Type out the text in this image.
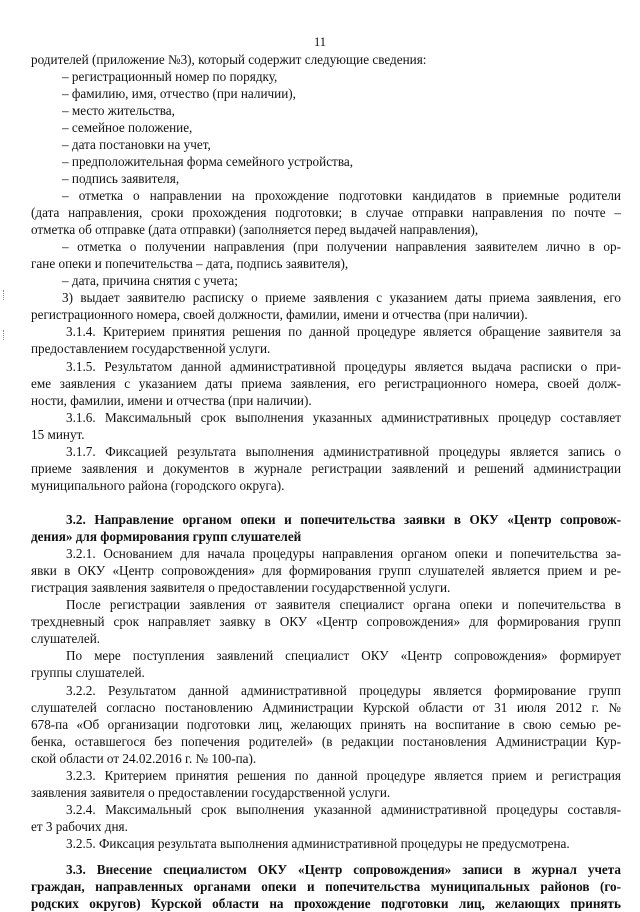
11
родителей (приложение №3), который содержит следующие сведения:
– регистрационный номер по порядку,
– фамилию, имя, отчество (при наличии),
– место жительства,
– семейное положение,
– дата постановки на учет,
– предположительная форма семейного устройства,
– подпись заявителя,
– отметка о направлении на прохождение подготовки кандидатов в приемные родители
(дата направления, сроки прохождения подготовки; в случае отправки направления по почте –
отметка об отправке (дата отправки) (заполняется перед выдачей направления),
– отметка о получении направления (при получении направления заявителем лично в ор-
гане опеки и попечительства – дата, подпись заявителя),
– дата, причина снятия с учета;
3) выдает заявителю расписку о приеме заявления с указанием даты приема заявления, его
регистрационного номера, своей должности, фамилии, имени и отчества (при наличии).
3.1.4. Критерием принятия решения по данной процедуре является обращение заявителя за
предоставлением государственной услуги.
3.1.5. Результатом данной административной процедуры является выдача расписки о при-
еме заявления с указанием даты приема заявления, его регистрационного номера, своей долж-
ности, фамилии, имени и отчества (при наличии).
3.1.6. Максимальный срок выполнения указанных административных процедур составляет
15 минут.
3.1.7. Фиксацией результата выполнения административной процедуры является запись о
приеме заявления и документов в журнале регистрации заявлений и решений администрации
муниципального района (городского округа).
3.2. Направление органом опеки и попечительства заявки в ОКУ «Центр сопровож-
дения» для формирования групп слушателей
3.2.1. Основанием для начала процедуры направления органом опеки и попечительства за-
явки в ОКУ «Центр сопровождения» для формирования групп слушателей является прием и ре-
гистрация заявления заявителя о предоставлении государственной услуги.
После регистрации заявления от заявителя специалист органа опеки и попечительства в
трехдневный срок направляет заявку в ОКУ «Центр сопровождения» для формирования групп
слушателей.
По мере поступления заявлений специалист ОКУ «Центр сопровождения» формирует
группы слушателей.
3.2.2. Результатом данной административной процедуры является формирование групп
слушателей согласно постановлению Администрации Курской области от 31 июля 2012 г. №
678-па «Об организации подготовки лиц, желающих принять на воспитание в свою семью ре-
бенка, оставшегося без попечения родителей» (в редакции постановления Администрации Кур-
ской области от 24.02.2016 г. № 100-па).
3.2.3. Критерием принятия решения по данной процедуре является прием и регистрация
заявления заявителя о предоставлении государственной услуги.
3.2.4. Максимальный срок выполнения указанной административной процедуры составля-
ет 3 рабочих дня.
3.2.5. Фиксация результата выполнения административной процедуры не предусмотрена.
3.3. Внесение специалистом ОКУ «Центр сопровождения» записи в журнал учета
граждан, направленных органами опеки и попечительства муниципальных районов (го-
родских округов) Курской области на прохождение подготовки лиц, желающих принять
